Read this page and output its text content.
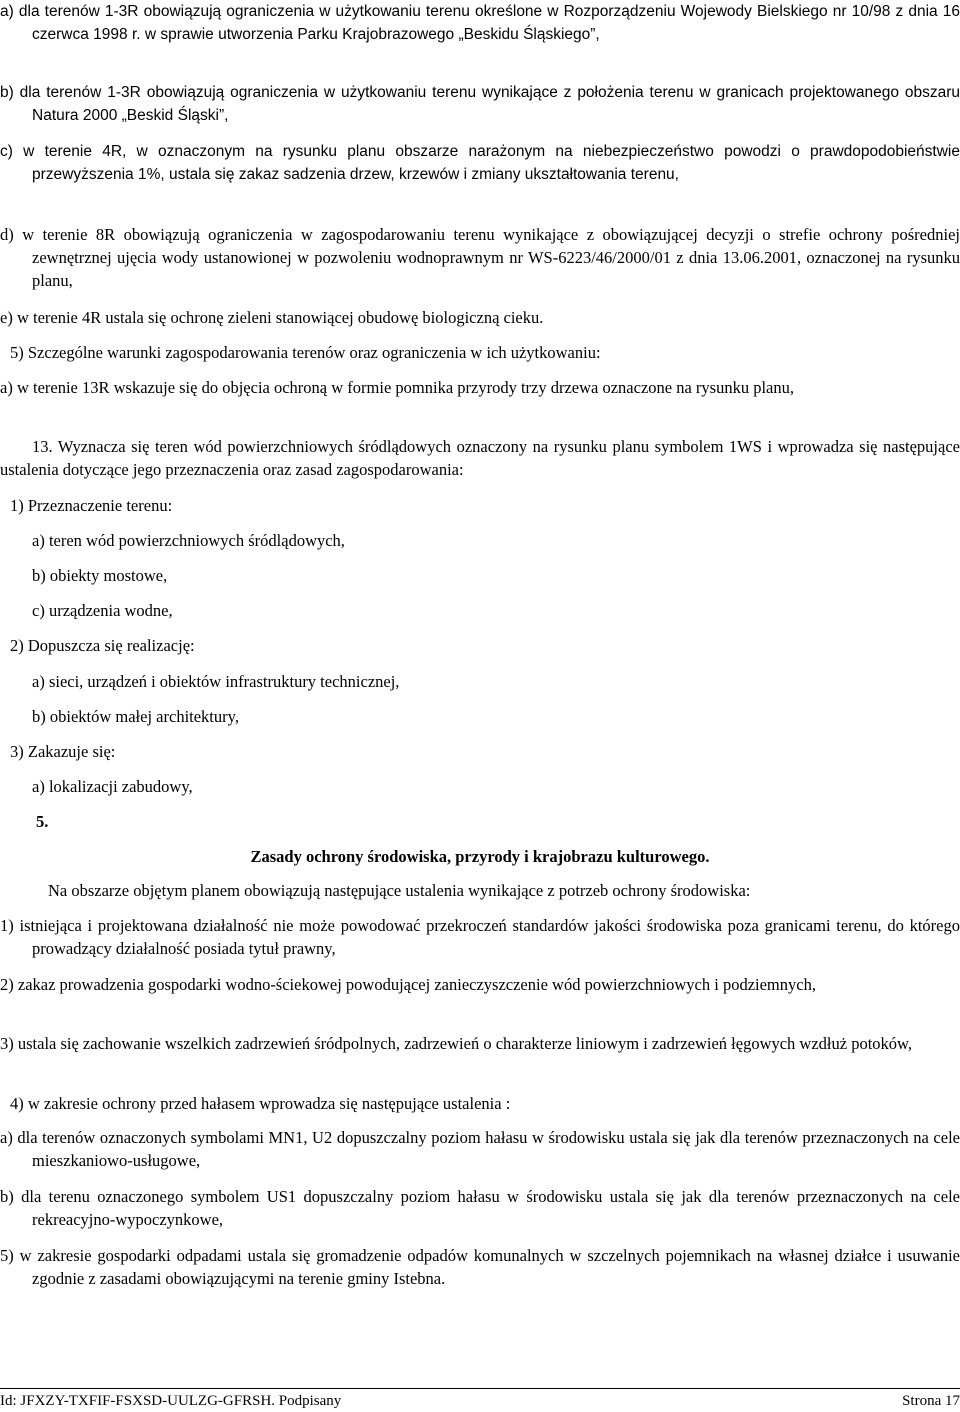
a) dla terenów 1-3R obowiązują ograniczenia w użytkowaniu terenu określone w Rozporządzeniu Wojewody Bielskiego nr 10/98 z dnia 16 czerwca 1998 r. w sprawie utworzenia Parku Krajobrazowego „Beskidu Śląskiego”,

b) dla terenów 1-3R obowiązują ograniczenia w użytkowaniu terenu wynikające z położenia terenu w granicach projektowanego obszaru Natura 2000 „Beskid Śląski”,

c) w terenie 4R, w oznaczonym na rysunku planu obszarze narażonym na niebezpieczeństwo powodzi o prawdopodobieństwie przewyższenia 1%, ustala się zakaz sadzenia drzew, krzewów i zmiany ukształtowania terenu,

d) w terenie 8R obowiązują ograniczenia w zagospodarowaniu terenu wynikające z obowiązującej decyzji o strefie ochrony pośredniej zewnętrznej ujęcia wody ustanowionej w pozwoleniu wodnoprawnym nr WS-6223/46/2000/01 z dnia 13.06.2001, oznaczonej na rysunku planu,

e) w terenie 4R ustala się ochronę zieleni stanowiącej obudowę biologiczną cieku.

5) Szczególne warunki zagospodarowania terenów oraz ograniczenia w ich użytkowaniu:

a) w terenie 13R wskazuje się do objęcia ochroną w formie pomnika przyrody trzy drzewa oznaczone na rysunku planu,

13. Wyznacza się teren wód powierzchniowych śródlądowych oznaczony na rysunku planu symbolem 1WS i wprowadza się następujące ustalenia dotyczące jego przeznaczenia oraz zasad zagospodarowania:

1) Przeznaczenie terenu:

a) teren wód powierzchniowych śródlądowych,

b) obiekty mostowe,

c) urządzenia wodne,

2) Dopuszcza się realizację:

a) sieci, urządzeń i obiektów infrastruktury technicznej,

b) obiektów małej architektury,

3) Zakazuje się:

a) lokalizacji zabudowy,

5.

Zasady ochrony środowiska, przyrody i krajobrazu kulturowego.

Na obszarze objętym planem obowiązują następujące ustalenia wynikające z potrzeb ochrony środowiska:

1) istniejąca i projektowana działalność nie może powodować przekroczeń standardów jakości środowiska poza granicami terenu, do którego prowadzący działalność posiada tytuł prawny,

2) zakaz prowadzenia gospodarki wodno-ściekowej powodującej zanieczyszczenie wód powierzchniowych i podziemnych,

3) ustala się zachowanie wszelkich zadrzewień śródpolnych, zadrzewień o charakterze liniowym i zadrzewień łęgowych wzdłuż potoków,

4) w zakresie ochrony przed hałasem wprowadza się następujące ustalenia :

a) dla terenów oznaczonych symbolami MN1, U2 dopuszczalny poziom hałasu w środowisku ustala się jak dla terenów przeznaczonych na cele mieszkaniowo-usługowe,

b) dla terenu oznaczonego symbolem US1 dopuszczalny poziom hałasu w środowisku ustala się jak dla terenów przeznaczonych na cele rekreacyjno-wypoczynkowe,

5) w zakresie gospodarki odpadami ustala się gromadzenie odpadów komunalnych w szczelnych pojemnikach na własnej działce i usuwanie zgodnie z zasadami obowiązującymi na terenie gminy Istebna.

Id: JFXZY-TXFIF-FSXSD-UULZG-GFRSH. Podpisany	Strona 17
